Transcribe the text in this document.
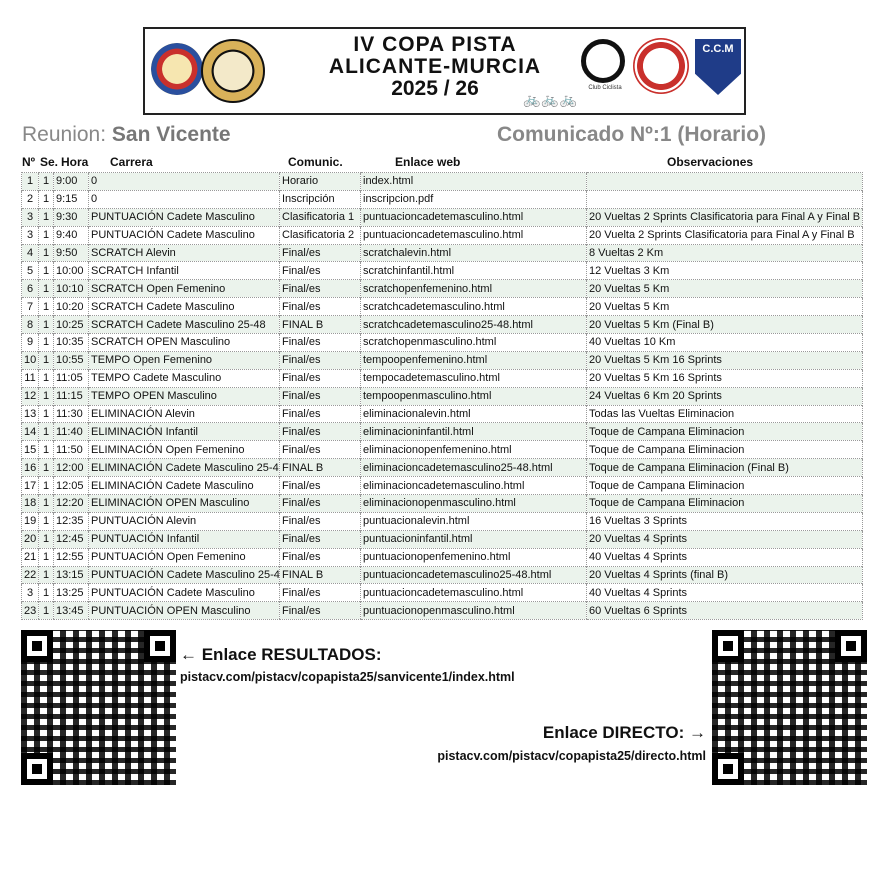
IV COPA PISTA
ALICANTE-MURCIA
2025 / 26	🚲🚲🚲
Club Ciclista
C.C.M
Reunion: San Vicente	Comunicado Nº:1 (Horario)
Nº Se. Hora Carrera	Comunic.	Enlace web	Observaciones
1	1	9:00	0	Horario	index.html	
2	1	9:15	0	Inscripción	inscripcion.pdf	
3	1	9:30	PUNTUACIÓN Cadete Masculino	Clasificatoria 1	puntuacioncadetemasculino.html	20 Vueltas 2 Sprints Clasificatoria para Final A y Final B
3	1	9:40	PUNTUACIÓN Cadete Masculino	Clasificatoria 2	puntuacioncadetemasculino.html	20 Vuelta 2 Sprints Clasificatoria para Final A y Final B
4	1	9:50	SCRATCH Alevin	Final/es	scratchalevin.html	8 Vueltas 2 Km
5	1	10:00	SCRATCH Infantil	Final/es	scratchinfantil.html	12 Vueltas 3 Km
6	1	10:10	SCRATCH Open Femenino	Final/es	scratchopenfemenino.html	20 Vueltas 5 Km
7	1	10:20	SCRATCH Cadete Masculino	Final/es	scratchcadetemasculino.html	20 Vueltas 5 Km
8	1	10:25	SCRATCH Cadete Masculino 25-48	FINAL B	scratchcadetemasculino25-48.html	20 Vueltas 5 Km (Final B)
9	1	10:35	SCRATCH OPEN Masculino	Final/es	scratchopenmasculino.html	40 Vueltas 10 Km
10	1	10:55	TEMPO Open Femenino	Final/es	tempoopenfemenino.html	20 Vueltas 5 Km 16 Sprints
11	1	11:05	TEMPO Cadete Masculino	Final/es	tempocadetemasculino.html	20 Vueltas 5 Km 16 Sprints
12	1	11:15	TEMPO OPEN Masculino	Final/es	tempoopenmasculino.html	24 Vueltas 6 Km 20 Sprints
13	1	11:30	ELIMINACIÓN Alevin	Final/es	eliminacionalevin.html	Todas las Vueltas Eliminacion
14	1	11:40	ELIMINACIÓN Infantil	Final/es	eliminacioninfantil.html	Toque de Campana Eliminacion
15	1	11:50	ELIMINACIÓN Open Femenino	Final/es	eliminacionopenfemenino.html	Toque de Campana Eliminacion
16	1	12:00	ELIMINACIÓN Cadete Masculino 25-4	FINAL B	eliminacioncadetemasculino25-48.html	Toque de Campana Eliminacion (Final B)
17	1	12:05	ELIMINACIÓN Cadete Masculino	Final/es	eliminacioncadetemasculino.html	Toque de Campana Eliminacion
18	1	12:20	ELIMINACIÓN OPEN Masculino	Final/es	eliminacionopenmasculino.html	Toque de Campana Eliminacion
19	1	12:35	PUNTUACIÓN Alevin	Final/es	puntuacionalevin.html	16 Vueltas 3 Sprints
20	1	12:45	PUNTUACIÓN Infantil	Final/es	puntuacioninfantil.html	20 Vueltas 4 Sprints
21	1	12:55	PUNTUACIÓN Open Femenino	Final/es	puntuacionopenfemenino.html	40 Vueltas 4 Sprints
22	1	13:15	PUNTUACIÓN Cadete Masculino 25-4	FINAL B	puntuacioncadetemasculino25-48.html	20 Vueltas 4 Sprints (final B)
3	1	13:25	PUNTUACIÓN Cadete Masculino	Final/es	puntuacioncadetemasculino.html	40 Vueltas 4 Sprints
23	1	13:45	PUNTUACIÓN OPEN Masculino	Final/es	puntuacionopenmasculino.html	60 Vueltas 6 Sprints
← Enlace RESULTADOS:
pistacv.com/pistacv/copapista25/sanvicente1/index.html
Enlace DIRECTO: →
pistacv.com/pistacv/copapista25/directo.html
